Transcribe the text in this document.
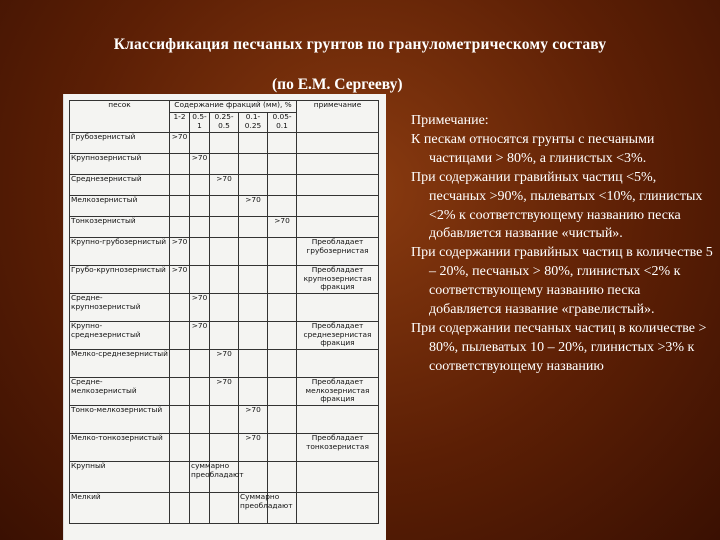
Классификация песчаных грунтов по гранулометрическому составу
(по Е.М. Сергееву)
песок	Содержание фракций (мм), %					примечание
	1-2	0.5-1	0.25-0.5	0.1-0.25	0.05-0.1	
Грубозернистый	>70					
Крупнозернистый		>70				
Среднезернистый			>70			
Мелкозернистый				>70		
Тонкозернистый					>70	
Крупно-грубозернистый	>70					Преобладает грубозернистая
Грубо-крупнозернистый	>70					Преобладает крупнозернистая фракция
Средне-крупнозернистый		>70				
Крупно-среднезернистый		>70				Преобладает среднезернистая фракция
Мелко-среднезернистый			>70			
Средне-мелкозернистый			>70			Преобладает мелкозернистая фракция
Тонко-мелкозернистый				>70		
Мелко-тонкозернистый				>70		Преобладает тонкозернистая
Крупный		суммарно преобладают				
Мелкий				Суммарно преобладают		

Примечание:

К пескам относятся грунты с песчаными частицами > 80%, а глинистых <3%.

При содержании гравийных частиц <5%, песчаных >90%, пылеватых <10%, глинистых <2% к соответствующему названию песка добавляется название «чистый».

При содержании гравийных частиц в количестве 5 – 20%, песчаных > 80%, глинистых <2% к соответствующему названию песка добавляется название «гравелистый».

При содержании песчаных частиц в количестве > 80%, пылеватых 10 – 20%, глинистых >3% к соответствующему названию
